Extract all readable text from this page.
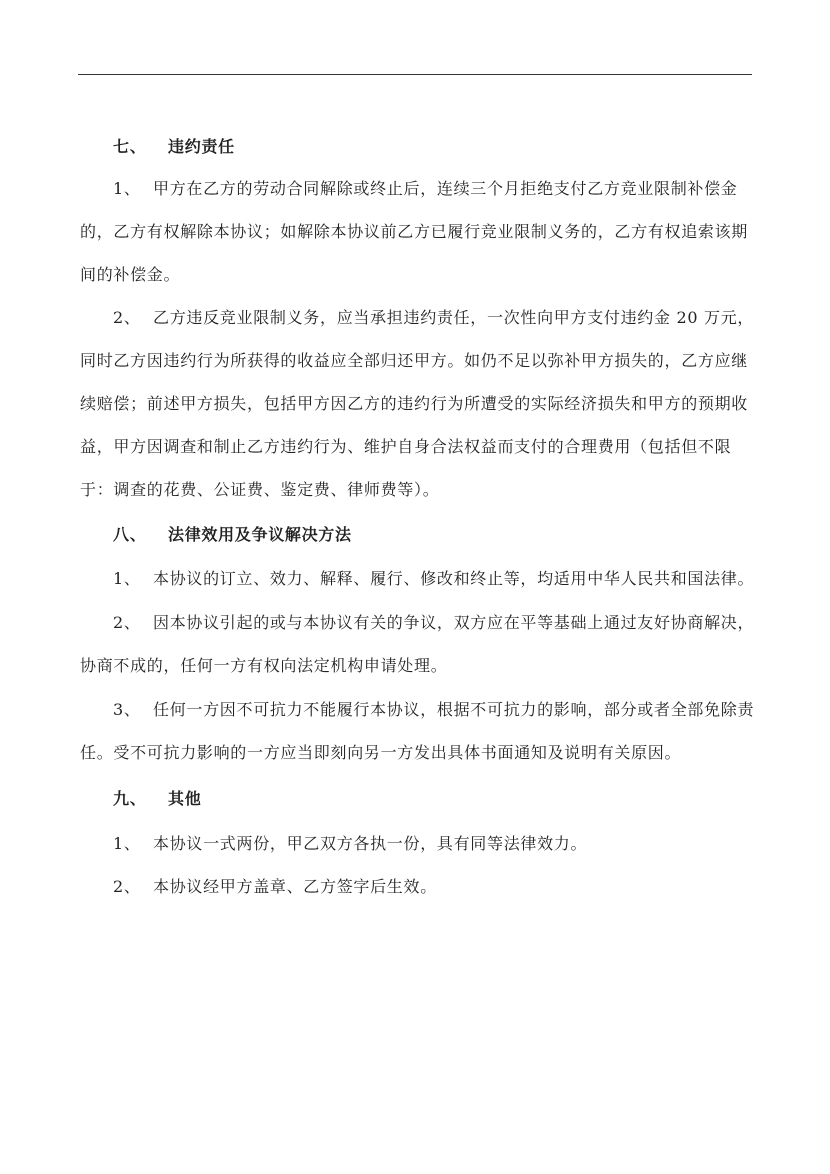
七、 违约责任
1、 甲方在乙方的劳动合同解除或终止后，连续三个月拒绝支付乙方竞业限制补偿金
的，乙方有权解除本协议；如解除本协议前乙方已履行竞业限制义务的，乙方有权追索该期
间的补偿金。
2、 乙方违反竞业限制义务，应当承担违约责任，一次性向甲方支付违约金 20 万元，
同时乙方因违约行为所获得的收益应全部归还甲方。如仍不足以弥补甲方损失的，乙方应继
续赔偿；前述甲方损失，包括甲方因乙方的违约行为所遭受的实际经济损失和甲方的预期收
益，甲方因调查和制止乙方违约行为、维护自身合法权益而支付的合理费用（包括但不限
于：调查的花费、公证费、鉴定费、律师费等）。
八、 法律效用及争议解决方法
1、 本协议的订立、效力、解释、履行、修改和终止等，均适用中华人民共和国法律。
2、 因本协议引起的或与本协议有关的争议，双方应在平等基础上通过友好协商解决，
协商不成的，任何一方有权向法定机构申请处理。
3、 任何一方因不可抗力不能履行本协议，根据不可抗力的影响，部分或者全部免除责
任。受不可抗力影响的一方应当即刻向另一方发出具体书面通知及说明有关原因。
九、 其他
1、 本协议一式两份，甲乙双方各执一份，具有同等法律效力。
2、 本协议经甲方盖章、乙方签字后生效。
